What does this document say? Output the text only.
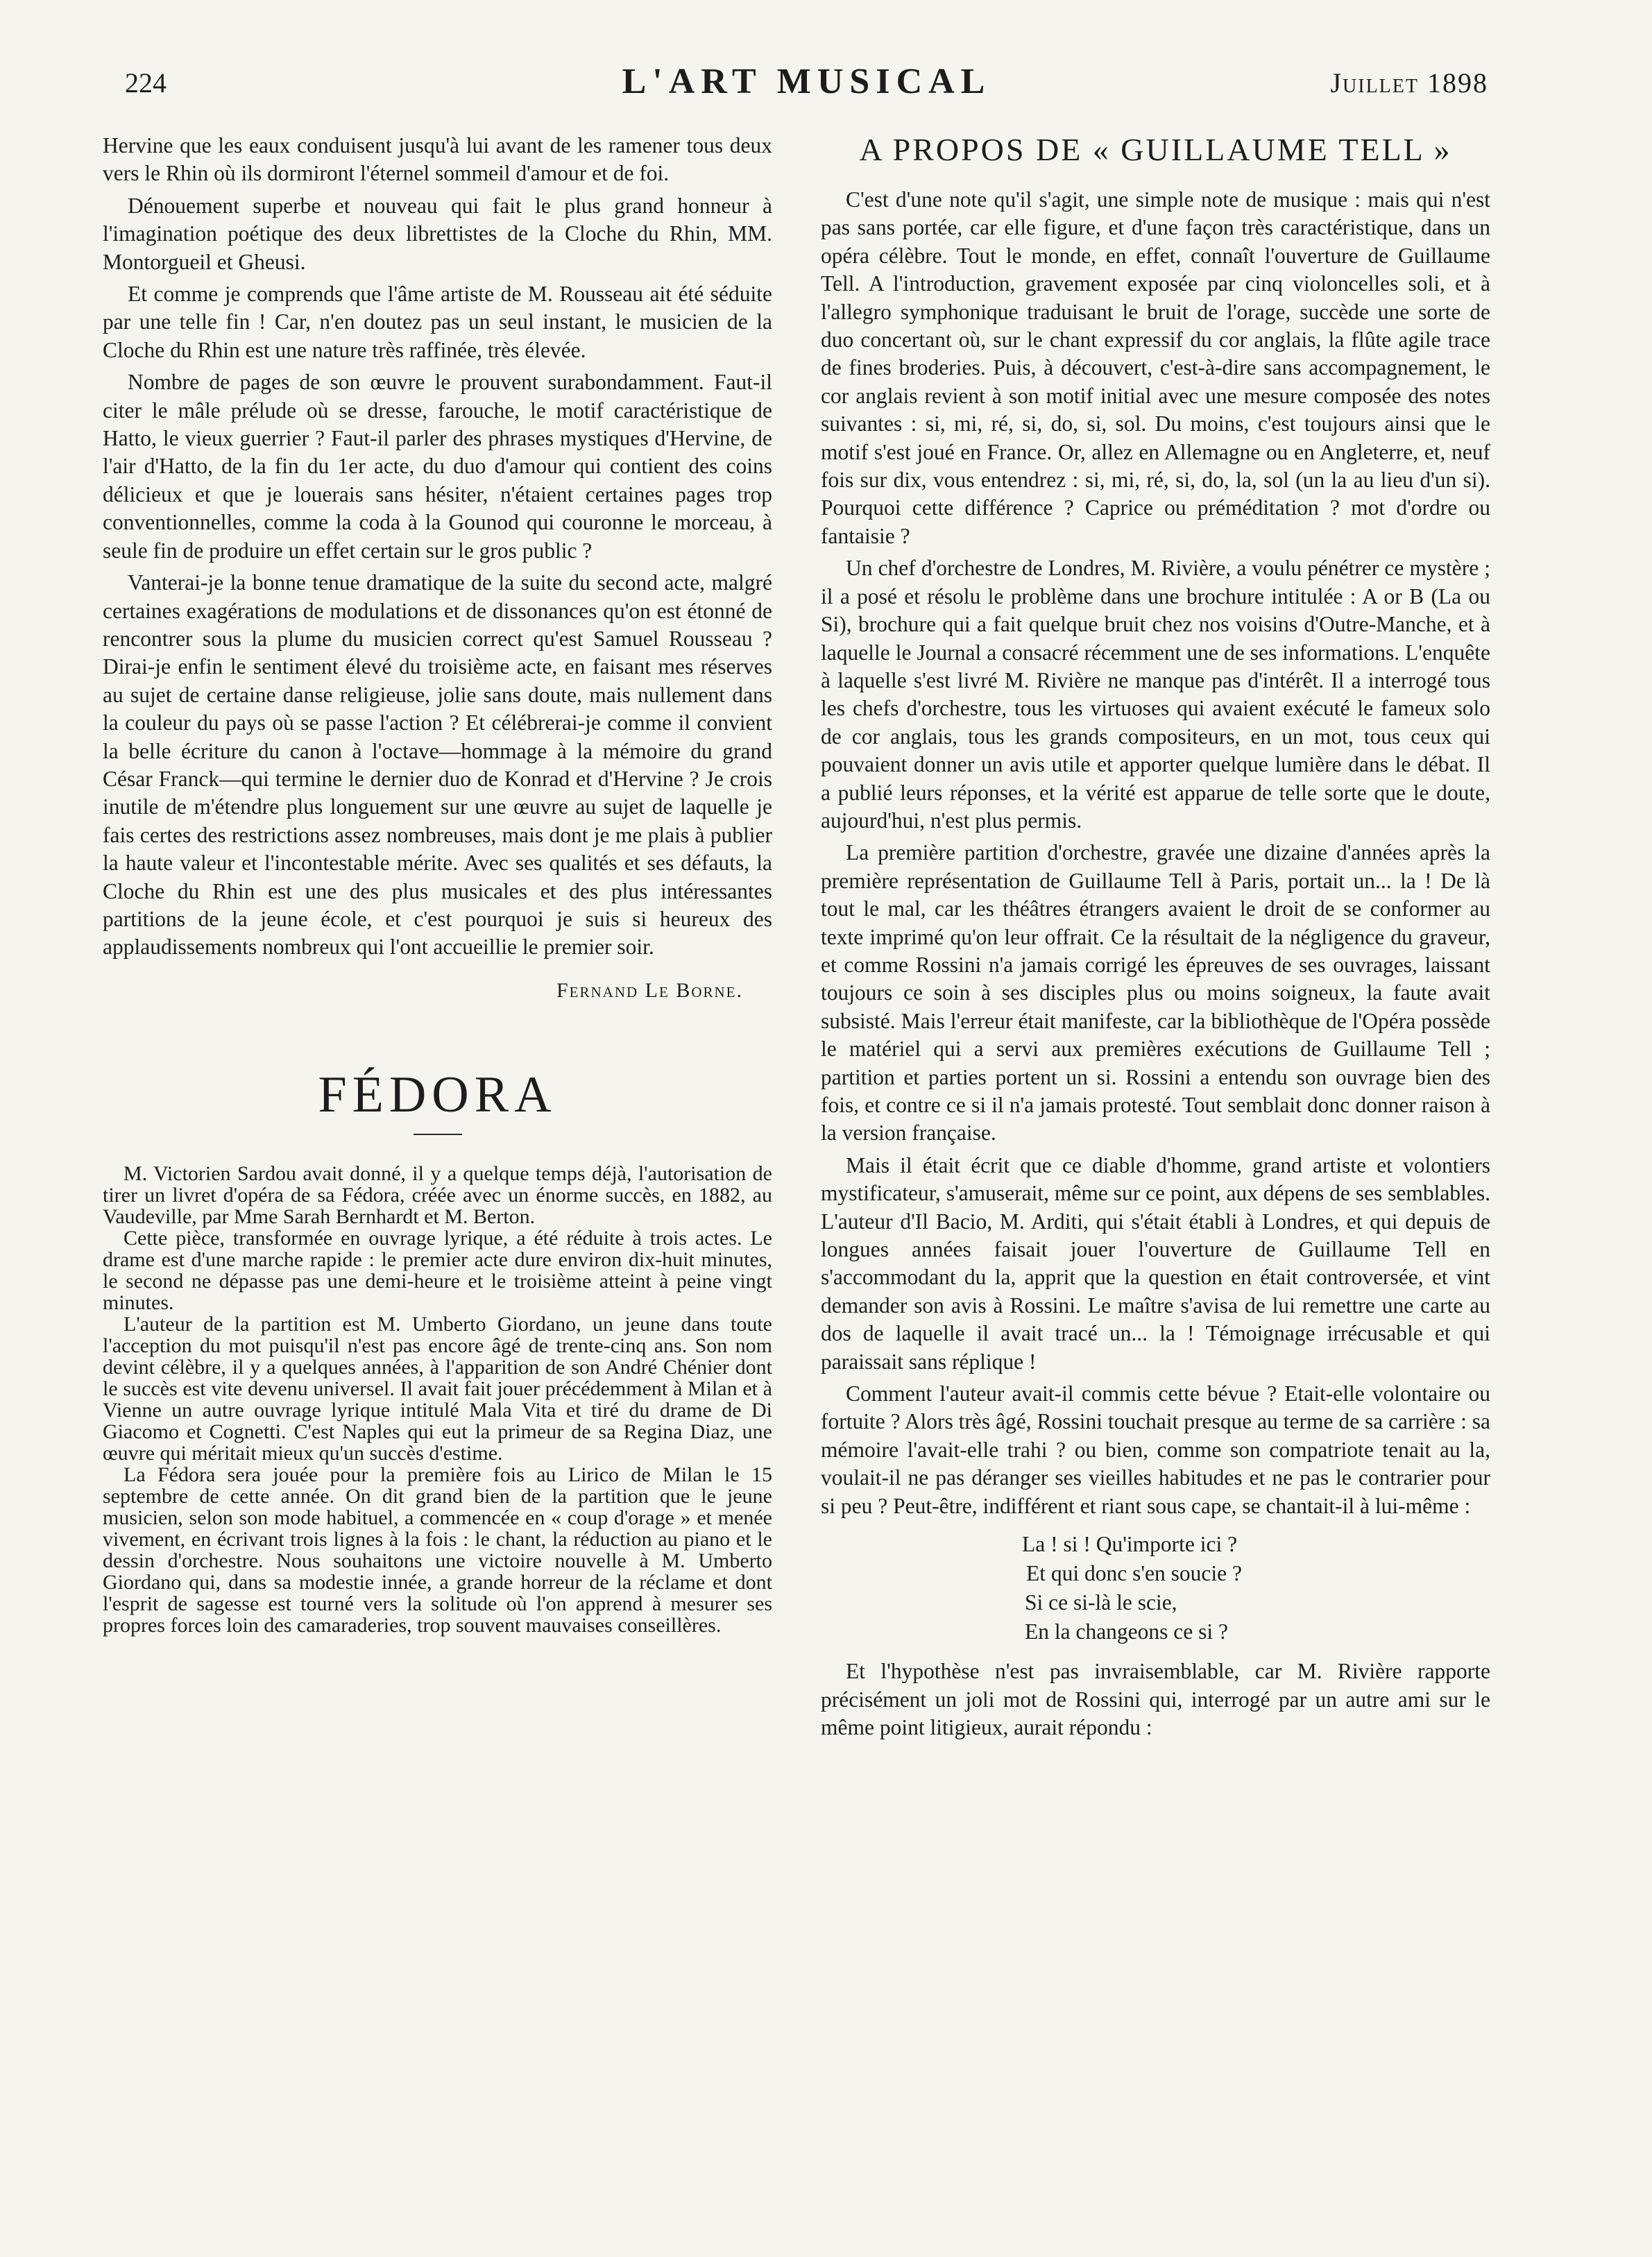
224	L'ART MUSICAL	Juillet 1898

Hervine que les eaux conduisent jusqu'à lui avant de les ramener tous deux vers le Rhin où ils dormiront l'éternel sommeil d'amour et de foi.

Dénouement superbe et nouveau qui fait le plus grand honneur à l'imagination poétique des deux librettistes de la Cloche du Rhin, MM. Montorgueil et Gheusi.

Et comme je comprends que l'âme artiste de M. Rousseau ait été séduite par une telle fin ! Car, n'en doutez pas un seul instant, le musicien de la Cloche du Rhin est une nature très raffinée, très élevée.

Nombre de pages de son œuvre le prouvent surabondamment. Faut-il citer le mâle prélude où se dresse, farouche, le motif caractéristique de Hatto, le vieux guerrier ? Faut-il parler des phrases mystiques d'Hervine, de l'air d'Hatto, de la fin du 1er acte, du duo d'amour qui contient des coins délicieux et que je louerais sans hésiter, n'étaient certaines pages trop conventionnelles, comme la coda à la Gounod qui couronne le morceau, à seule fin de produire un effet certain sur le gros public ?

Vanterai-je la bonne tenue dramatique de la suite du second acte, malgré certaines exagérations de modulations et de dissonances qu'on est étonné de rencontrer sous la plume du musicien correct qu'est Samuel Rousseau ? Dirai-je enfin le sentiment élevé du troisième acte, en faisant mes réserves au sujet de certaine danse religieuse, jolie sans doute, mais nullement dans la couleur du pays où se passe l'action ? Et célébrerai-je comme il convient la belle écriture du canon à l'octave—hommage à la mémoire du grand César Franck—qui termine le dernier duo de Konrad et d'Hervine ? Je crois inutile de m'étendre plus longuement sur une œuvre au sujet de laquelle je fais certes des restrictions assez nombreuses, mais dont je me plais à publier la haute valeur et l'incontestable mérite. Avec ses qualités et ses défauts, la Cloche du Rhin est une des plus musicales et des plus intéressantes partitions de la jeune école, et c'est pourquoi je suis si heureux des applaudissements nombreux qui l'ont accueillie le premier soir.

Fernand Le Borne.
FÉDORA

M. Victorien Sardou avait donné, il y a quelque temps déjà, l'autorisation de tirer un livret d'opéra de sa Fédora, créée avec un énorme succès, en 1882, au Vaudeville, par Mme Sarah Bernhardt et M. Berton.

Cette pièce, transformée en ouvrage lyrique, a été réduite à trois actes. Le drame est d'une marche rapide : le premier acte dure environ dix-huit minutes, le second ne dépasse pas une demi-heure et le troisième atteint à peine vingt minutes.

L'auteur de la partition est M. Umberto Giordano, un jeune dans toute l'acception du mot puisqu'il n'est pas encore âgé de trente-cinq ans. Son nom devint célèbre, il y a quelques années, à l'apparition de son André Chénier dont le succès est vite devenu universel. Il avait fait jouer précédemment à Milan et à Vienne un autre ouvrage lyrique intitulé Mala Vita et tiré du drame de Di Giacomo et Cognetti. C'est Naples qui eut la primeur de sa Regina Diaz, une œuvre qui méritait mieux qu'un succès d'estime.

La Fédora sera jouée pour la première fois au Lirico de Milan le 15 septembre de cette année. On dit grand bien de la partition que le jeune musicien, selon son mode habituel, a commencée en « coup d'orage » et menée vivement, en écrivant trois lignes à la fois : le chant, la réduction au piano et le dessin d'orchestre. Nous souhaitons une victoire nouvelle à M. Umberto Giordano qui, dans sa modestie innée, a grande horreur de la réclame et dont l'esprit de sagesse est tourné vers la solitude où l'on apprend à mesurer ses propres forces loin des camaraderies, trop souvent mauvaises conseillères.

A PROPOS DE « GUILLAUME TELL »

C'est d'une note qu'il s'agit, une simple note de musique : mais qui n'est pas sans portée, car elle figure, et d'une façon très caractéristique, dans un opéra célèbre. Tout le monde, en effet, connaît l'ouverture de Guillaume Tell. A l'introduction, gravement exposée par cinq violoncelles soli, et à l'allegro symphonique traduisant le bruit de l'orage, succède une sorte de duo concertant où, sur le chant expressif du cor anglais, la flûte agile trace de fines broderies. Puis, à découvert, c'est-à-dire sans accompagnement, le cor anglais revient à son motif initial avec une mesure composée des notes suivantes : si, mi, ré, si, do, si, sol. Du moins, c'est toujours ainsi que le motif s'est joué en France. Or, allez en Allemagne ou en Angleterre, et, neuf fois sur dix, vous entendrez : si, mi, ré, si, do, la, sol (un la au lieu d'un si). Pourquoi cette différence ? Caprice ou préméditation ? mot d'ordre ou fantaisie ?

Un chef d'orchestre de Londres, M. Rivière, a voulu pénétrer ce mystère ; il a posé et résolu le problème dans une brochure intitulée : A or B (La ou Si), brochure qui a fait quelque bruit chez nos voisins d'Outre-Manche, et à laquelle le Journal a consacré récemment une de ses informations. L'enquête à laquelle s'est livré M. Rivière ne manque pas d'intérêt. Il a interrogé tous les chefs d'orchestre, tous les virtuoses qui avaient exécuté le fameux solo de cor anglais, tous les grands compositeurs, en un mot, tous ceux qui pouvaient donner un avis utile et apporter quelque lumière dans le débat. Il a publié leurs réponses, et la vérité est apparue de telle sorte que le doute, aujourd'hui, n'est plus permis.

La première partition d'orchestre, gravée une dizaine d'années après la première représentation de Guillaume Tell à Paris, portait un... la ! De là tout le mal, car les théâtres étrangers avaient le droit de se conformer au texte imprimé qu'on leur offrait. Ce la résultait de la négligence du graveur, et comme Rossini n'a jamais corrigé les épreuves de ses ouvrages, laissant toujours ce soin à ses disciples plus ou moins soigneux, la faute avait subsisté. Mais l'erreur était manifeste, car la bibliothèque de l'Opéra possède le matériel qui a servi aux premières exécutions de Guillaume Tell ; partition et parties portent un si. Rossini a entendu son ouvrage bien des fois, et contre ce si il n'a jamais protesté. Tout semblait donc donner raison à la version française.

Mais il était écrit que ce diable d'homme, grand artiste et volontiers mystificateur, s'amuserait, même sur ce point, aux dépens de ses semblables. L'auteur d'Il Bacio, M. Arditi, qui s'était établi à Londres, et qui depuis de longues années faisait jouer l'ouverture de Guillaume Tell en s'accommodant du la, apprit que la question en était controversée, et vint demander son avis à Rossini. Le maître s'avisa de lui remettre une carte au dos de laquelle il avait tracé un... la ! Témoignage irrécusable et qui paraissait sans réplique !

Comment l'auteur avait-il commis cette bévue ? Etait-elle volontaire ou fortuite ? Alors très âgé, Rossini touchait presque au terme de sa carrière : sa mémoire l'avait-elle trahi ? ou bien, comme son compatriote tenait au la, voulait-il ne pas déranger ses vieilles habitudes et ne pas le contrarier pour si peu ? Peut-être, indifférent et riant sous cape, se chantait-il à lui-même :

La ! si ! Qu'importe ici ?
Et qui donc s'en soucie ?
Si ce si-là le scie,
En la changeons ce si ?

Et l'hypothèse n'est pas invraisemblable, car M. Rivière rapporte précisément un joli mot de Rossini qui, interrogé par un autre ami sur le même point litigieux, aurait répondu :
